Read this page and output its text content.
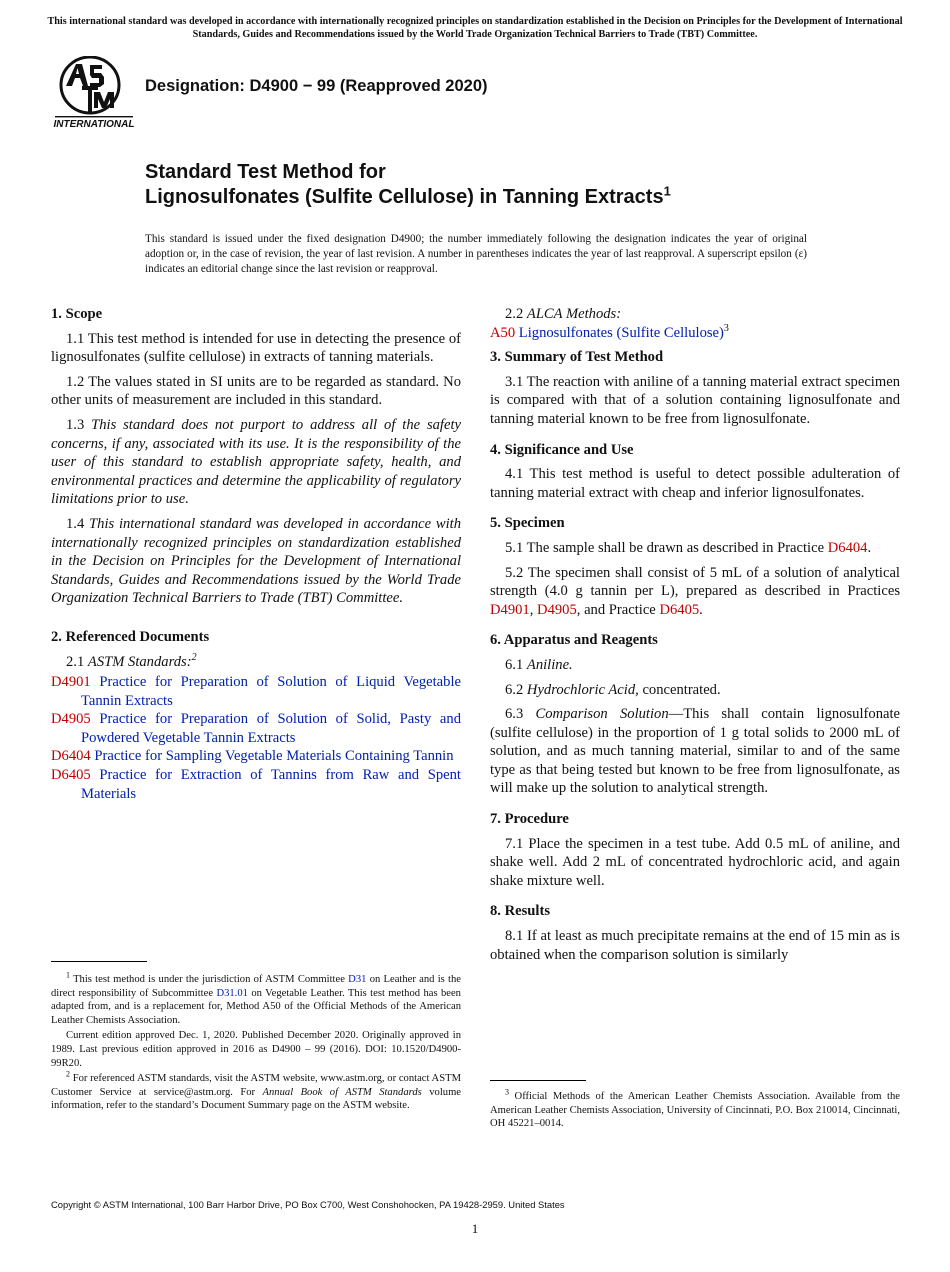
This international standard was developed in accordance with internationally recognized principles on standardization established in the Decision on Principles for the Development of International Standards, Guides and Recommendations issued by the World Trade Organization Technical Barriers to Trade (TBT) Committee.
INTERNATIONAL
Designation: D4900 − 99 (Reapproved 2020)
Standard Test Method for
Lignosulfonates (Sulfite Cellulose) in Tanning Extracts$^1$
This standard is issued under the fixed designation D4900; the number immediately following the designation indicates the year of original adoption or, in the case of revision, the year of last revision. A number in parentheses indicates the year of last reapproval. A superscript epsilon (ε) indicates an editorial change since the last revision or reapproval.
1. Scope

1.1 This test method is intended for use in detecting the presence of lignosulfonates (sulfite cellulose) in extracts of tanning materials.

1.2 The values stated in SI units are to be regarded as standard. No other units of measurement are included in this standard.

1.3 This standard does not purport to address all of the safety concerns, if any, associated with its use. It is the responsibility of the user of this standard to establish appropriate safety, health, and environmental practices and determine the applicability of regulatory limitations prior to use.

1.4 This international standard was developed in accordance with internationally recognized principles on standardization established in the Decision on Principles for the Development of International Standards, Guides and Recommendations issued by the World Trade Organization Technical Barriers to Trade (TBT) Committee.

2. Referenced Documents

2.1 ASTM Standards:$^2$

D4901 Practice for Preparation of Solution of Liquid Vegetable Tannin Extracts
D4905 Practice for Preparation of Solution of Solid, Pasty and Powdered Vegetable Tannin Extracts
D6404 Practice for Sampling Vegetable Materials Containing Tannin
D6405 Practice for Extraction of Tannins from Raw and Spent Materials

$^1$ This test method is under the jurisdiction of ASTM Committee D31 on Leather and is the direct responsibility of Subcommittee D31.01 on Vegetable Leather. This test method has been adapted from, and is a replacement for, Method A50 of the Official Methods of the American Leather Chemists Association.

Current edition approved Dec. 1, 2020. Published December 2020. Originally approved in 1989. Last previous edition approved in 2016 as D4900 – 99 (2016). DOI: 10.1520/D4900-99R20.

$^2$ For referenced ASTM standards, visit the ASTM website, www.astm.org, or contact ASTM Customer Service at service@astm.org. For Annual Book of ASTM Standards volume information, refer to the standard’s Document Summary page on the ASTM website.

2.2 ALCA Methods:

A50 Lignosulfonates (Sulfite Cellulose)$^3$
3. Summary of Test Method

3.1 The reaction with aniline of a tanning material extract specimen is compared with that of a solution containing lignosulfonate and tanning material known to be free from lignosulfonate.

4. Significance and Use

4.1 This test method is useful to detect possible adulteration of tanning material extract with cheap and inferior lignosulfonates.

5. Specimen

5.1 The sample shall be drawn as described in Practice D6404.

5.2 The specimen shall consist of 5 mL of a solution of analytical strength (4.0 g tannin per L), prepared as described in Practices D4901, D4905, and Practice D6405.

6. Apparatus and Reagents

6.1 Aniline.

6.2 Hydrochloric Acid, concentrated.

6.3 Comparison Solution—This shall contain lignosulfonate (sulfite cellulose) in the proportion of 1 g total solids to 2000 mL of solution, and as much tanning material, similar to and of the same type as that being tested but known to be free from lignosulfonate, as will make up the solution to analytical strength.

7. Procedure

7.1 Place the specimen in a test tube. Add 0.5 mL of aniline, and shake well. Add 2 mL of concentrated hydrochloric acid, and again shake mixture well.

8. Results

8.1 If at least as much precipitate remains at the end of 15 min as is obtained when the comparison solution is similarly

$^3$ Official Methods of the American Leather Chemists Association. Available from the American Leather Chemists Association, University of Cincinnati, P.O. Box 210014, Cincinnati, OH 45221–0014.

Copyright © ASTM International, 100 Barr Harbor Drive, PO Box C700, West Conshohocken, PA 19428-2959. United States
1
